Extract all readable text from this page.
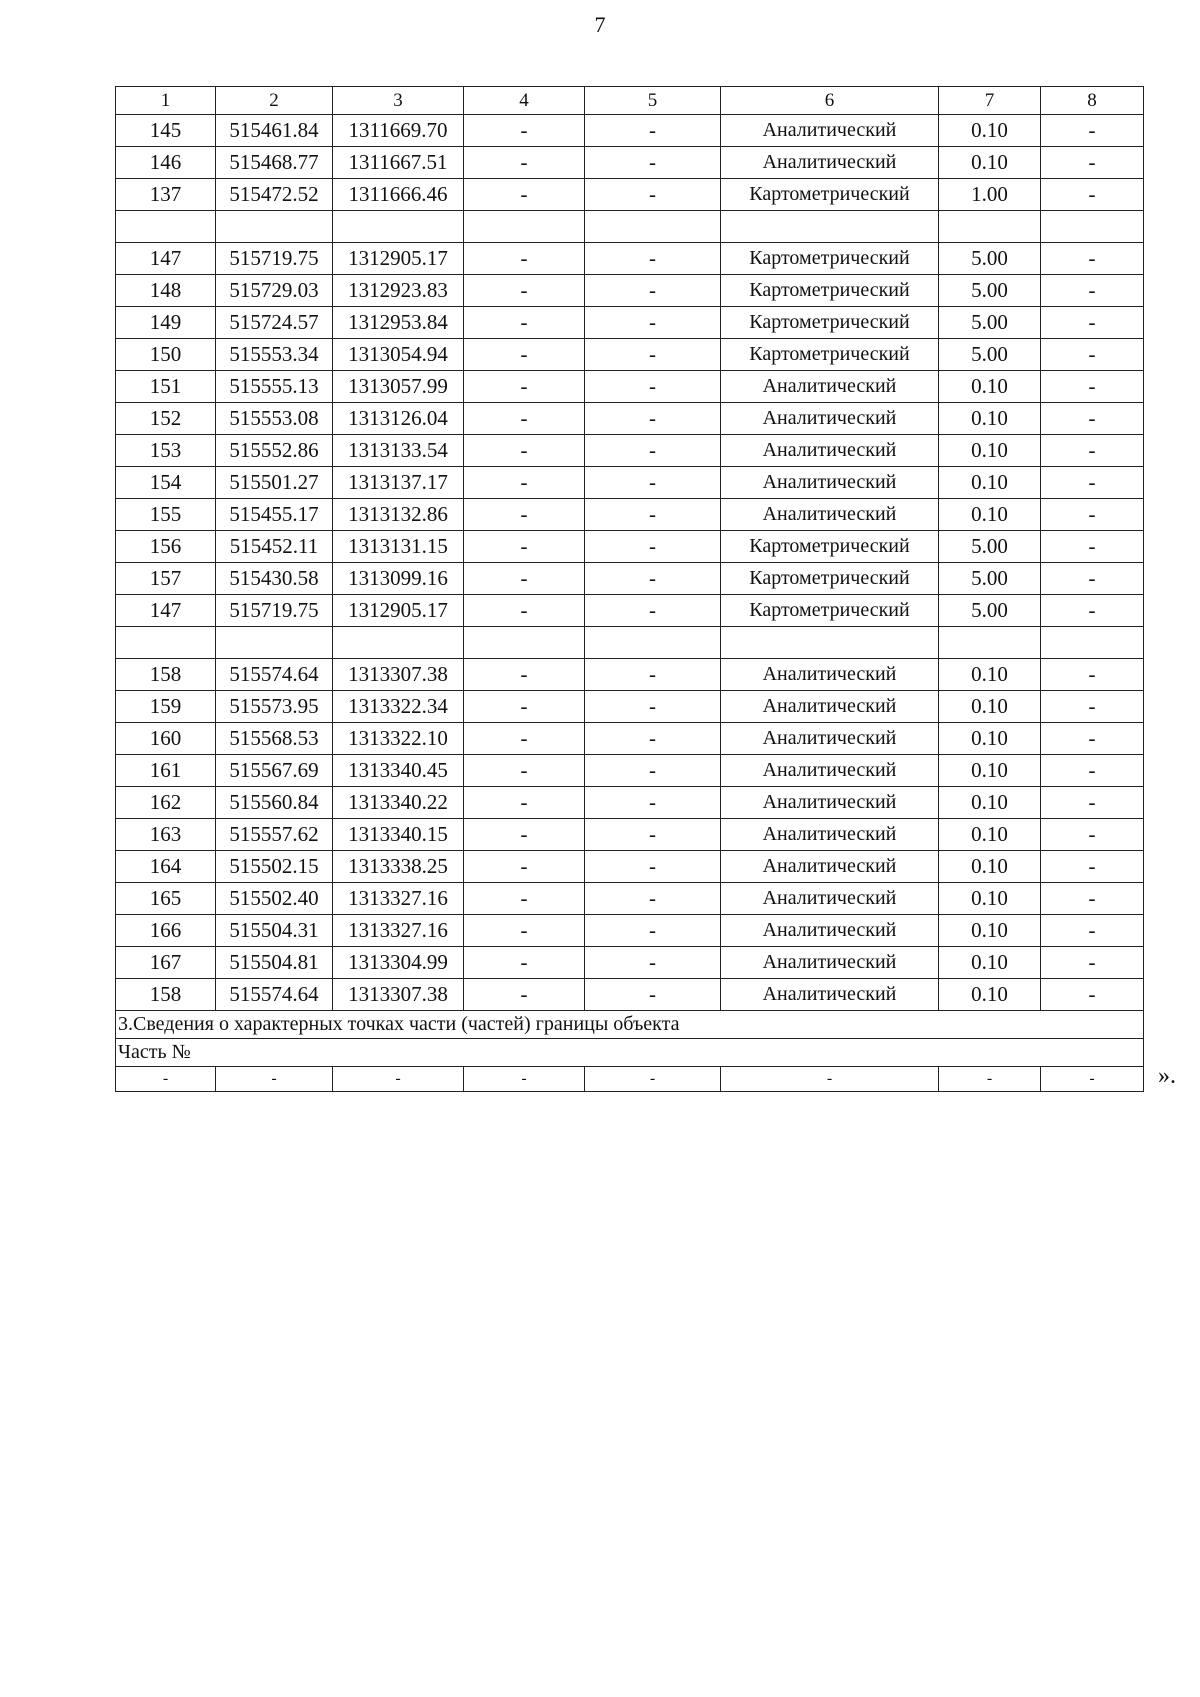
7
1	2	3	4	5	6	7	8
145	515461.84	1311669.70	-	-	Аналитический	0.10	-
146	515468.77	1311667.51	-	-	Аналитический	0.10	-
137	515472.52	1311666.46	-	-	Картометрический	1.00	-

147	515719.75	1312905.17	-	-	Картометрический	5.00	-
148	515729.03	1312923.83	-	-	Картометрический	5.00	-
149	515724.57	1312953.84	-	-	Картометрический	5.00	-
150	515553.34	1313054.94	-	-	Картометрический	5.00	-
151	515555.13	1313057.99	-	-	Аналитический	0.10	-
152	515553.08	1313126.04	-	-	Аналитический	0.10	-
153	515552.86	1313133.54	-	-	Аналитический	0.10	-
154	515501.27	1313137.17	-	-	Аналитический	0.10	-
155	515455.17	1313132.86	-	-	Аналитический	0.10	-
156	515452.11	1313131.15	-	-	Картометрический	5.00	-
157	515430.58	1313099.16	-	-	Картометрический	5.00	-
147	515719.75	1312905.17	-	-	Картометрический	5.00	-

158	515574.64	1313307.38	-	-	Аналитический	0.10	-
159	515573.95	1313322.34	-	-	Аналитический	0.10	-
160	515568.53	1313322.10	-	-	Аналитический	0.10	-
161	515567.69	1313340.45	-	-	Аналитический	0.10	-
162	515560.84	1313340.22	-	-	Аналитический	0.10	-
163	515557.62	1313340.15	-	-	Аналитический	0.10	-
164	515502.15	1313338.25	-	-	Аналитический	0.10	-
165	515502.40	1313327.16	-	-	Аналитический	0.10	-
166	515504.31	1313327.16	-	-	Аналитический	0.10	-
167	515504.81	1313304.99	-	-	Аналитический	0.10	-
158	515574.64	1313307.38	-	-	Аналитический	0.10	-
3.Сведения о характерных точках части (частей) границы объекта							
Часть №							
-	-	-	-	-	-	-	-	».
